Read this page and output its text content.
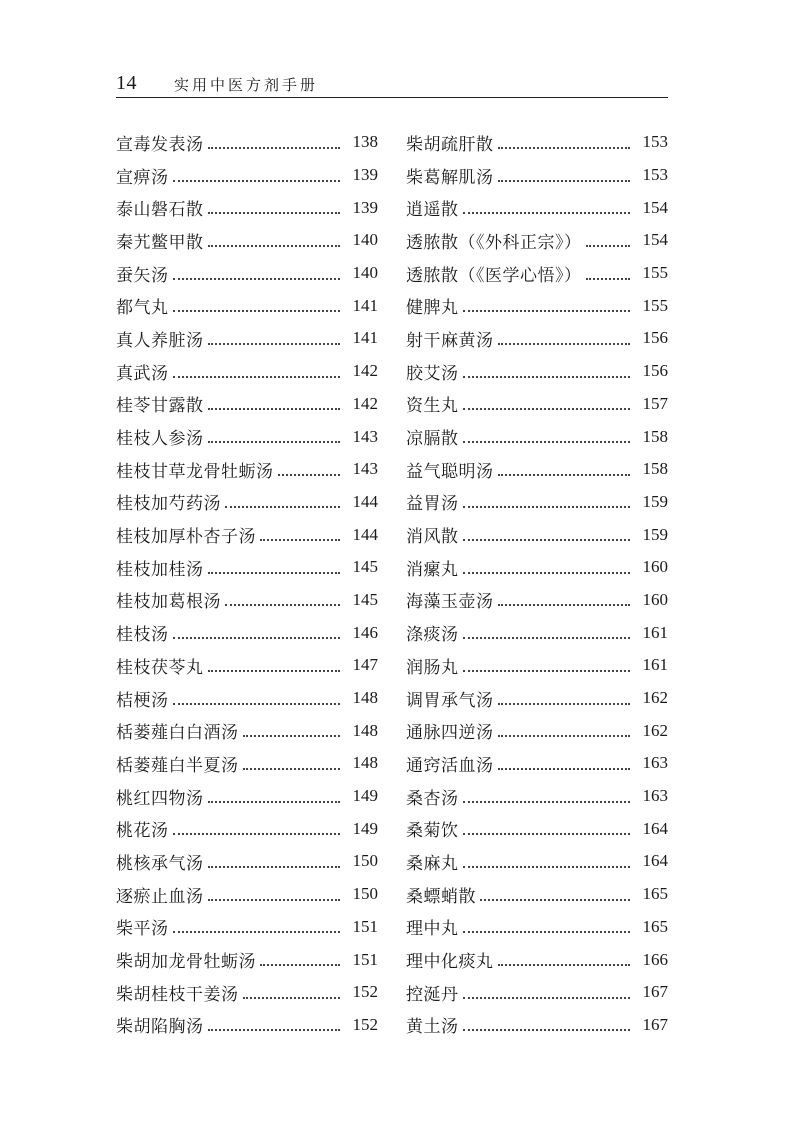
14 实用中医方剂手册
宣毒发表汤	138
宣痹汤	139
泰山磐石散	139
秦艽鳖甲散	140
蚕矢汤	140
都气丸	141
真人养脏汤	141
真武汤	142
桂苓甘露散	142
桂枝人参汤	143
桂枝甘草龙骨牡蛎汤	143
桂枝加芍药汤	144
桂枝加厚朴杏子汤	144
桂枝加桂汤	145
桂枝加葛根汤	145
桂枝汤	146
桂枝茯苓丸	147
桔梗汤	148
栝蒌薤白白酒汤	148
栝蒌薤白半夏汤	148
桃红四物汤	149
桃花汤	149
桃核承气汤	150
逐瘀止血汤	150
柴平汤	151
柴胡加龙骨牡蛎汤	151
柴胡桂枝干姜汤	152
柴胡陷胸汤	152
柴胡疏肝散	153
柴葛解肌汤	153
逍遥散	154
透脓散（《外科正宗》）	154
透脓散（《医学心悟》）	155
健脾丸	155
射干麻黄汤	156
胶艾汤	156
资生丸	157
凉膈散	158
益气聪明汤	158
益胃汤	159
消风散	159
消瘰丸	160
海藻玉壶汤	160
涤痰汤	161
润肠丸	161
调胃承气汤	162
通脉四逆汤	162
通窍活血汤	163
桑杏汤	163
桑菊饮	164
桑麻丸	164
桑螵蛸散	165
理中丸	165
理中化痰丸	166
控涎丹	167
黄土汤	167
